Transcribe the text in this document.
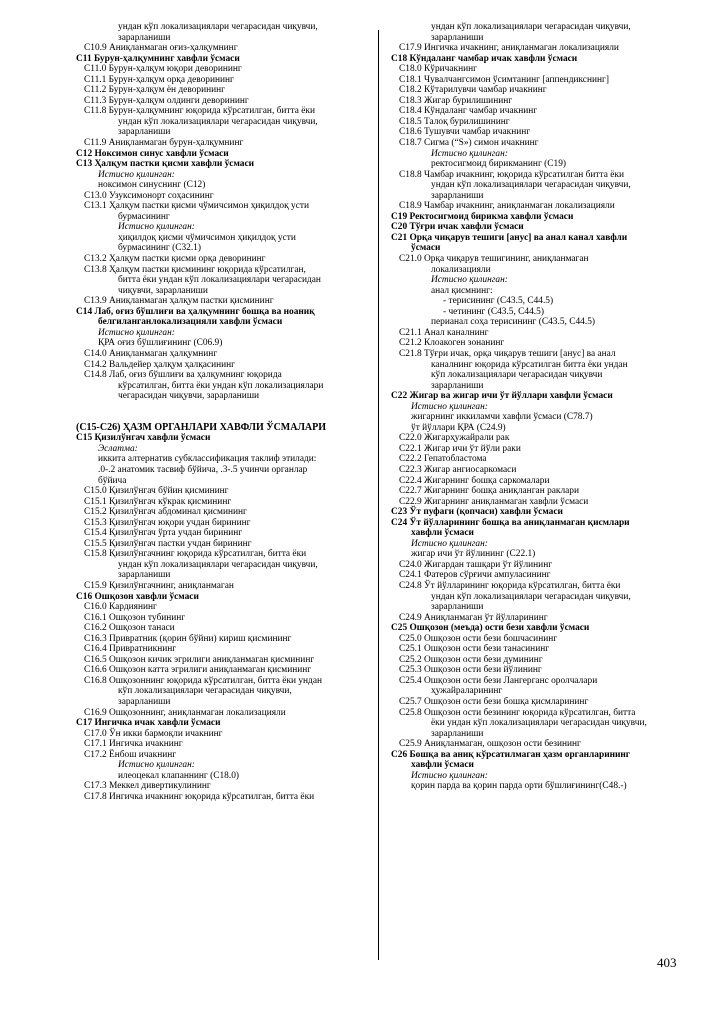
ундан кўп локализациялари чегарасидан чиқувчи,
зарарланиши
C10.9 Аниқланмаган оғиз-ҳалқумнинг
C11 Бурун-ҳалқумнинг хавфли ўсмаси
C11.0 Бурун-ҳалқум юқори деворининг
C11.1 Бурун-ҳалқум орқа деворининг
C11.2 Бурун-ҳалқум ён деворининг
C11.3 Бурун-ҳалқум олдинги деворининг
C11.8 Бурун-ҳалқумнинг юқорида кўрсатилган, битта ёки
ундан кўп локализациялари чегарасидан чиқувчи,
зарарланиши
C11.9 Аниқланмаган бурун-ҳалқумнинг
C12 Ноксимон синус хавфли ўсмаси
C13 Ҳалқум пастки қисми хавфли ўсмаси
Истисно қилинган:
ноксимон синуснинг (C12)
C13.0 Узуксимонорт соҳасининг
C13.1 Ҳалқум пастки қисми чўмичсимон ҳиқилдоқ усти
бурмасининг
Истисно қилинган:
ҳиқилдоқ қисми чўмичсимон ҳиқилдоқ усти
бурмасининг (C32.1)
C13.2 Ҳалқум пастки қисми орқа деворининг
C13.8 Ҳалқум пастки қисмининг юқорида кўрсатилган,
битта ёки ундан кўп локализациялари чегарасидан
чиқувчи, зарарланиши
C13.9 Аниқланмаган ҳалқум пастки қисмининг
C14 Лаб, оғиз бўшлиғи ва ҳалқумнинг бошқа ва ноаниқ
белгиланганлокализацияли хавфли ўсмаси
Истисно қилинган:
ҚРА оғиз бўшлиғининг (C06.9)
C14.0 Аниқланмаган ҳалқумнинг
C14.2 Вальдейер ҳалқум ҳалқасининг
C14.8 Лаб, оғиз бўшлиғи ва ҳалқумнинг юқорида
кўрсатилган, битта ёки ундан кўп локализациялари
чегарасидан чиқувчи, зарарланиши
(C15-C26) ҲАЗМ ОРГАНЛАРИ ХАВФЛИ ЎСМАЛАРИ
C15 Қизилўнгач хавфли ўсмаси
Эслатма:
иккита алтернатив субклассификация таклиф этилади:
.0-.2 анатомик тасвиф бўйича, .3-.5 учинчи органлар
бўйича
C15.0 Қизилўнгач бўйин қисмининг
C15.1 Қизилўнгач кўкрак қисмининг
C15.2 Қизилўнгач абдоминал қисмининг
C15.3 Қизилўнгач юқори учдан бирининг
C15.4 Қизилўнгач ўрта учдан бирининг
C15.5 Қизилўнгач пастки учдан бирининг
C15.8 Қизилўнгачнинг юқорида кўрсатилган, битта ёки
ундан кўп локализациялари чегарасидан чиқувчи,
зарарланиши
C15.9 Қизилўнгачнинг, аниқланмаган
C16 Ошқозон хавфли ўсмаси
C16.0 Кардиянинг
C16.1 Ошқозон тубининг
C16.2 Ошқозон танаси
C16.3 Привратник (қорин бўйни) кириш қисмининг
C16.4 Привратникнинг
C16.5 Ошқозон кичик эгрилиги аниқланмаган қисмининг
C16.6 Ошқозон катта эгрилиги аниқланмаган қисмининг
C16.8 Ошқозоннинг юқорида кўрсатилган, битта ёки ундан
кўп локализациялари чегарасидан чиқувчи,
зарарланиши
C16.9 Ошқозоннинг, аниқланмаган локализацияли
C17 Ингичка ичак хавфли ўсмаси
C17.0 Ўн икки бармоқли ичакнинг
C17.1 Ингичка ичакнинг
C17.2 Ёнбош ичакнинг
Истисно қилинган:
илеоцекал клапаннинг (C18.0)
C17.3 Меккел дивертикулининг
C17.8 Ингичка ичакнинг юқорида кўрсатилган, битта ёки
ундан кўп локализациялари чегарасидан чиқувчи,
зарарланиши
C17.9 Ингичка ичакнинг, аниқланмаган локализацияли
C18 Кўндаланг чамбар ичак хавфли ўсмаси
C18.0 Кўричакнинг
C18.1 Чувалчангсимон ўсимтанинг [аппендикснинг]
C18.2 Кўтарилувчи чамбар ичакнинг
C18.3 Жигар бурилишининг
C18.4 Кўндаланг чамбар ичакнинг
C18.5 Талоқ бурилишининг
C18.6 Тушувчи чамбар ичакнинг
C18.7 Сигма (“S») симон ичакнинг
Истисно қилинган:
ректосигмоид бирикманинг (C19)
C18.8 Чамбар ичакнинг, юқорида кўрсатилган битта ёки
ундан кўп локализациялари чегарасидан чиқувчи,
зарарланиши
C18.9 Чамбар ичакнинг, аниқланмаган локализацияли
C19 Ректосигмоид бирикма хавфли ўсмаси
C20 Тўғри ичак хавфли ўсмаси
C21 Орқа чиқарув тешиги [анус] ва анал канал хавфли
ўсмаси
C21.0 Орқа чиқарув тешигининг, аниқланмаган
локализацияли
Истисно қилинган:
анал қисмнинг:
- терисининг (C43.5, C44.5)
- четининг (C43.5, C44.5)
перианал соҳа терисининг (C43.5, C44.5)
C21.1 Анал каналнинг
C21.2 Клоакоген зонанинг
C21.8 Тўғри ичак, орқа чиқарув тешиги [анус] ва анал
каналнинг юқорида кўрсатилган битта ёки ундан
кўп локализациялари чегарасидан чиқувчи
зарарланиши
C22 Жигар ва жигар ичи ўт йўллари хавфли ўсмаси
Истисно қилинган:
жигарнинг иккиламчи хавфли ўсмаси (C78.7)
ўт йўллари ҚРА (C24.9)
C22.0 Жигарҳужайрали рак
C22.1 Жигар ичи ўт йўли раки
C22.2 Гепатобластома
C22.3 Жигар ангиосаркомаси
C22.4 Жигарнинг бошқа саркомалари
C22.7 Жигарнинг бошқа аниқланган раклари
C22.9 Жигарнинг аниқланмаган хавфли ўсмаси
C23 Ўт пуфаги (қопчаси) хавфли ўсмаси
C24 Ўт йўлларининг бошқа ва аниқланмаган қисмлари
хавфли ўсмаси
Истисно қилинган:
жигар ичи ўт йўлининг (C22.1)
C24.0 Жигардан ташқари ўт йўлининг
C24.1 Фатеров сўрғичи ампуласининг
C24.8 Ўт йўлларининг юқорида кўрсатилган, битта ёки
ундан кўп локализациялари чегарасидан чиқувчи,
зарарланиши
C24.9 Аниқланмаган ўт йўлларининг
C25 Ошқозон (меъда) ости бези хавфли ўсмаси
C25.0 Ошқозон ости бези бошчасининг
C25.1 Ошқозон ости бези танасининг
C25.2 Ошқозон ости бези думининг
C25.3 Ошқозон ости бези йўлининг
C25.4 Ошқозон ости бези Лангерганс оролчалари
ҳужайраларининг
C25.7 Ошқозон ости бези бошқа қисмларининг
C25.8 Ошқозон ости безининг юқорида кўрсатилган, битта
ёки ундан кўп локализациялари чегарасидан чиқувчи,
зарарланиши
C25.9 Аниқланмаган, ошқозон ости безининг
C26 Бошқа ва аниқ кўрсатилмаган ҳазм органларининг
хавфли ўсмаси
Истисно қилинган:
қорин парда ва қорин парда орти бўшлиғининг(C48.-)
403
